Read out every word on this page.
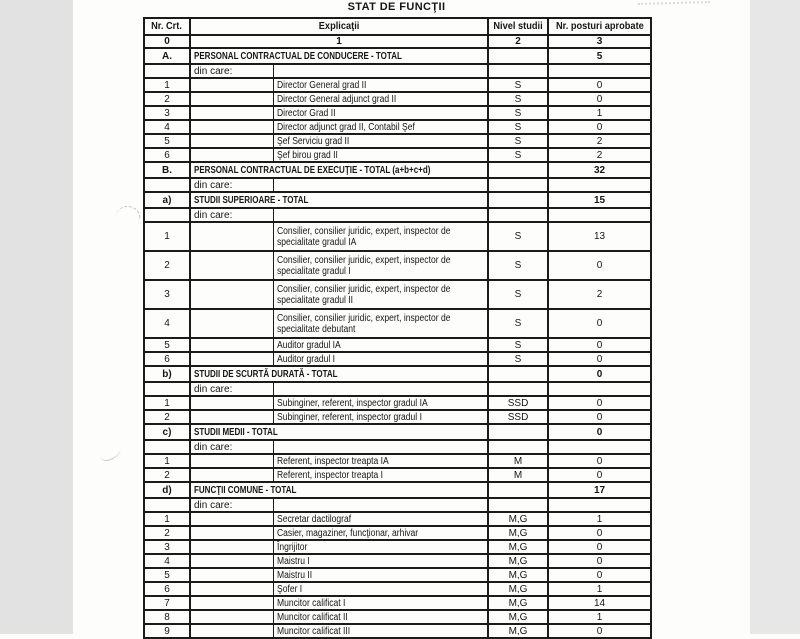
STAT DE FUNCŢII
Nr. Crt.	Explicaţii		Nivel studii	Nr. posturi aprobate
0	1		2	3
A.	PERSONAL CONTRACTUAL DE CONDUCERE - TOTAL			5
	din care:			
1		Director General grad II	S	0
2		Director General adjunct grad II	S	0
3		Director Grad II	S	1
4		Director adjunct grad II, Contabil Şef	S	0
5		Şef Serviciu grad II	S	2
6		Şef birou grad II	S	2
B.	PERSONAL CONTRACTUAL DE EXECUŢIE - TOTAL (a+b+c+d)			32
	din care:			
a)	STUDII SUPERIOARE - TOTAL			15
	din care:			
1		Consilier, consilier juridic, expert, inspector de specialitate gradul IA	S	13
2		Consilier, consilier juridic, expert, inspector de specialitate gradul I	S	0
3		Consilier, consilier juridic, expert, inspector de specialitate gradul II	S	2
4		Consilier, consilier juridic, expert, inspector de specialitate debutant	S	0
5		Auditor gradul IA	S	0
6		Auditor gradul I	S	0
b)	STUDII DE SCURTĂ DURATĂ - TOTAL			0
	din care:			
1		Subinginer, referent, inspector gradul IA	SSD	0
2		Subinginer, referent, inspector gradul I	SSD	0
c)	STUDII MEDII - TOTAL			0
	din care:			
1		Referent, inspector treapta IA	M	0
2		Referent, inspector treapta I	M	0
d)	FUNCŢII COMUNE - TOTAL			17
	din care:			
1		Secretar dactilograf	M,G	1
2		Casier, magaziner, funcţionar, arhivar	M,G	0
3		Îngrijitor	M,G	0
4		Maistru I	M,G	0
5		Maistru II	M,G	0
6		Şofer I	M,G	1
7		Muncitor calificat I	M,G	14
8		Muncitor calificat II	M,G	1
9		Muncitor calificat III	M,G	0
